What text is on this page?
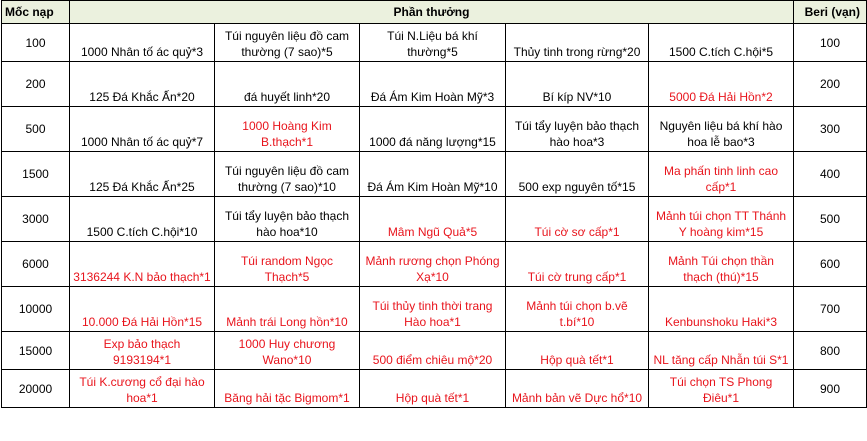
Mốc nạp	Phần thưởng					Beri (vạn)
100	1000 Nhân tố ác quỷ*3	Túi nguyên liệu đồ cam thường (7 sao)*5	Túi N.Liệu bá khí thường*5	Thủy tinh trong rừng*20	1500 C.tích C.hội*5	100
200	125 Đá Khắc Ấn*20	đá huyết linh*20	Đá Ám Kim Hoàn Mỹ*3	Bí kíp NV*10	5000 Đá Hải Hồn*2	200
500	1000 Nhân tố ác quỷ*7	1000 Hoàng Kim B.thạch*1	1000 đá năng lượng*15	Túi tẩy luyện bảo thạch hào hoa*3	Nguyên liệu bá khí hào hoa lễ bao*3	300
1500	125 Đá Khắc Ấn*25	Túi nguyên liệu đồ cam thường (7 sao)*10	Đá Ám Kim Hoàn Mỹ*10	500 exp nguyên tố*15	Ma phấn tinh linh cao cấp*1	400
3000	1500 C.tích C.hội*10	Túi tẩy luyện bảo thạch hào hoa*10	Mâm Ngũ Quả*5	Túi cờ sơ cấp*1	Mảnh túi chọn TT Thánh Y hoàng kim*15	500
6000	3136244 K.N bảo thạch*1	Túi random Ngọc Thạch*5	Mảnh rương chọn Phóng Xạ*10	Túi cờ trung cấp*1	Mảnh Túi chọn thần thạch (thú)*15	600
10000	10.000 Đá Hải Hồn*15	Mảnh trái Long hồn*10	Túi thủy tinh thời trang Hào hoa*1	Mảnh túi chọn b.vẽ t.bí*10	Kenbunshoku Haki*3	700
15000	Exp bảo thạch 9193194*1	1000 Huy chương Wano*10	500 điểm chiêu mộ*20	Hộp quà tết*1	NL tăng cấp Nhẫn túi S*1	800
20000	Túi K.cương cổ đại hào hoa*1	Băng hải tặc Bigmom*1	Hộp quà tết*1	Mảnh bản vẽ Dực hổ*10	Túi chọn TS Phong Điêu*1	900
